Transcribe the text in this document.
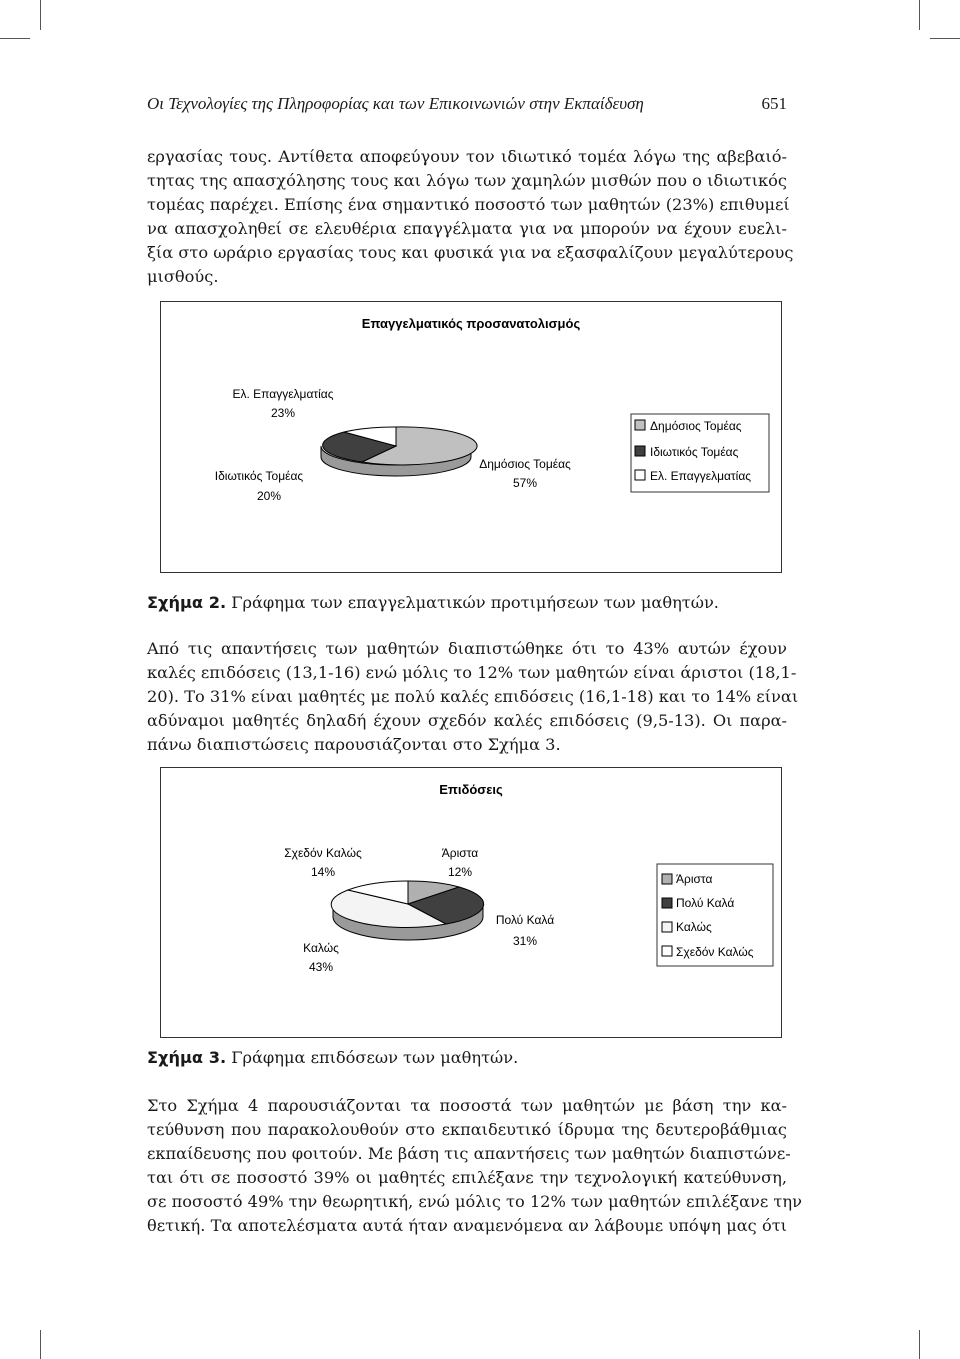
Οι Τεχνολογίες της Πληροφορίας και των Επικοινωνιών στην Εκπαίδευση	651

εργασίας τους. Αντίθετα αποφεύγουν τον ιδιωτικό τομέα λόγω της αβεβαιό-
τητας της απασχόλησης τους και λόγω των χαμηλών μισθών που ο ιδιωτικός
τομέας παρέχει. Επίσης ένα σημαντικό ποσοστό των μαθητών (23%) επιθυμεί
να απασχοληθεί σε ελευθέρια επαγγέλματα για να μπορούν να έχουν ευελι-
ξία στο ωράριο εργασίας τους και φυσικά για να εξασφαλίζουν μεγαλύτερους
μισθούς.

Επαγγελματικός προσανατολισμός
Ελ. Επαγγελματίας
23%
Ιδιωτικός Τομέας
20%
Δημόσιος Τομέας
57%
Δημόσιος Τομέας
Ιδιωτικός Τομέας
Ελ. Επαγγελματίας

Σχήμα 2. Γράφημα των επαγγελματικών προτιμήσεων των μαθητών.

Από τις απαντήσεις των μαθητών διαπιστώθηκε ότι το 43% αυτών έχουν
καλές επιδόσεις (13,1-16) ενώ μόλις το 12% των μαθητών είναι άριστοι (18,1-
20). Το 31% είναι μαθητές με πολύ καλές επιδόσεις (16,1-18) και το 14% είναι
αδύναμοι μαθητές δηλαδή έχουν σχεδόν καλές επιδόσεις (9,5-13). Οι παρα-
πάνω διαπιστώσεις παρουσιάζονται στο Σχήμα 3.

Επιδόσεις
Σχεδόν Καλώς
14%
Άριστα
12%
Πολύ Καλά
31%
Καλώς
43%
Άριστα
Πολύ Καλά
Καλώς
Σχεδόν Καλώς

Σχήμα 3. Γράφημα επιδόσεων των μαθητών.

Στο Σχήμα 4 παρουσιάζονται τα ποσοστά των μαθητών με βάση την κα-
τεύθυνση που παρακολουθούν στο εκπαιδευτικό ίδρυμα της δευτεροβάθμιας
εκπαίδευσης που φοιτούν. Με βάση τις απαντήσεις των μαθητών διαπιστώνε-
ται ότι σε ποσοστό 39% οι μαθητές επιλέξανε την τεχνολογική κατεύθυνση,
σε ποσοστό 49% την θεωρητική, ενώ μόλις το 12% των μαθητών επιλέξανε την
θετική. Τα αποτελέσματα αυτά ήταν αναμενόμενα αν λάβουμε υπόψη μας ότι
